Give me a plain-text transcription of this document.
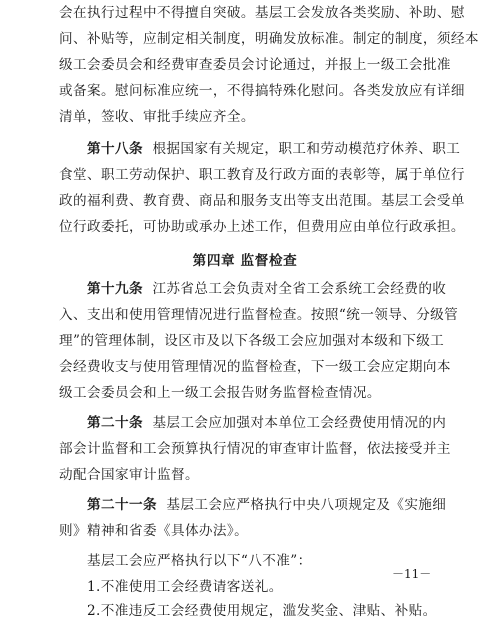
会在执行过程中不得擅自突破。基层工会发放各类奖励、补助、慰
问、补贴等，应制定相关制度，明确发放标准。制定的制度，须经本
级工会委员会和经费审查委员会讨论通过，并报上一级工会批准
或备案。慰问标准应统一，不得搞特殊化慰问。各类发放应有详细
清单，签收、审批手续应齐全。
第十八条 根据国家有关规定，职工和劳动模范疗休养、职工
食堂、职工劳动保护、职工教育及行政方面的表彰等，属于单位行
政的福利费、教育费、商品和服务支出等支出范围。基层工会受单
位行政委托，可协助或承办上述工作，但费用应由单位行政承担。
第四章 监督检查
第十九条 江苏省总工会负责对全省工会系统工会经费的收
入、支出和使用管理情况进行监督检查。按照“统一领导、分级管
理”的管理体制，设区市及以下各级工会应加强对本级和下级工
会经费收支与使用管理情况的监督检查，下一级工会应定期向本
级工会委员会和上一级工会报告财务监督检查情况。
第二十条 基层工会应加强对本单位工会经费使用情况的内
部会计监督和工会预算执行情况的审查审计监督，依法接受并主
动配合国家审计监督。
－11－
第二十一条 基层工会应严格执行中央八项规定及《实施细
则》精神和省委《具体办法》。
基层工会应严格执行以下“八不准”：
1.不准使用工会经费请客送礼。
2.不准违反工会经费使用规定，滥发奖金、津贴、补贴。
